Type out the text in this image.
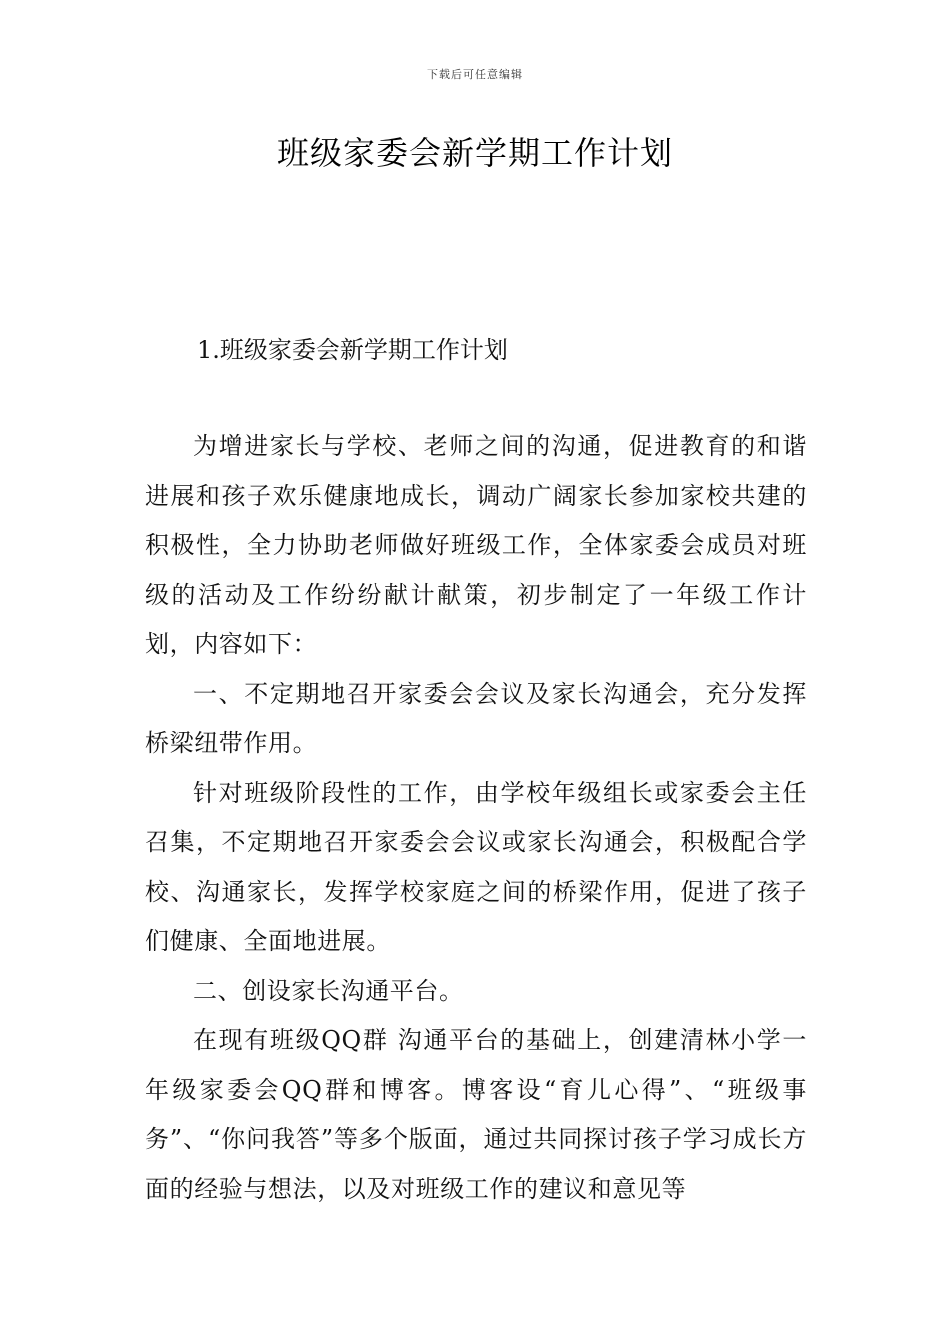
下载后可任意编辑
班级家委会新学期工作计划
1.班级家委会新学期工作计划

为增进家长与学校、老师之间的沟通，促进教育的和谐进展和孩子欢乐健康地成长，调动广阔家长参加家校共建的积极性，全力协助老师做好班级工作，全体家委会成员对班级的活动及工作纷纷献计献策，初步制定了一年级工作计划，内容如下：

一、不定期地召开家委会会议及家长沟通会，充分发挥桥梁纽带作用。

针对班级阶段性的工作，由学校年级组长或家委会主任召集，不定期地召开家委会会议或家长沟通会，积极配合学校、沟通家长，发挥学校家庭之间的桥梁作用，促进了孩子们健康、全面地进展。

二、创设家长沟通平台。

在现有班级QQ群 沟通平台的基础上，创建清林小学一年级家委会QQ群和博客。博客设“育儿心得”、“班级事务”、“你问我答”等多个版面，通过共同探讨孩子学习成长方面的经验与想法，以及对班级工作的建议和意见等
